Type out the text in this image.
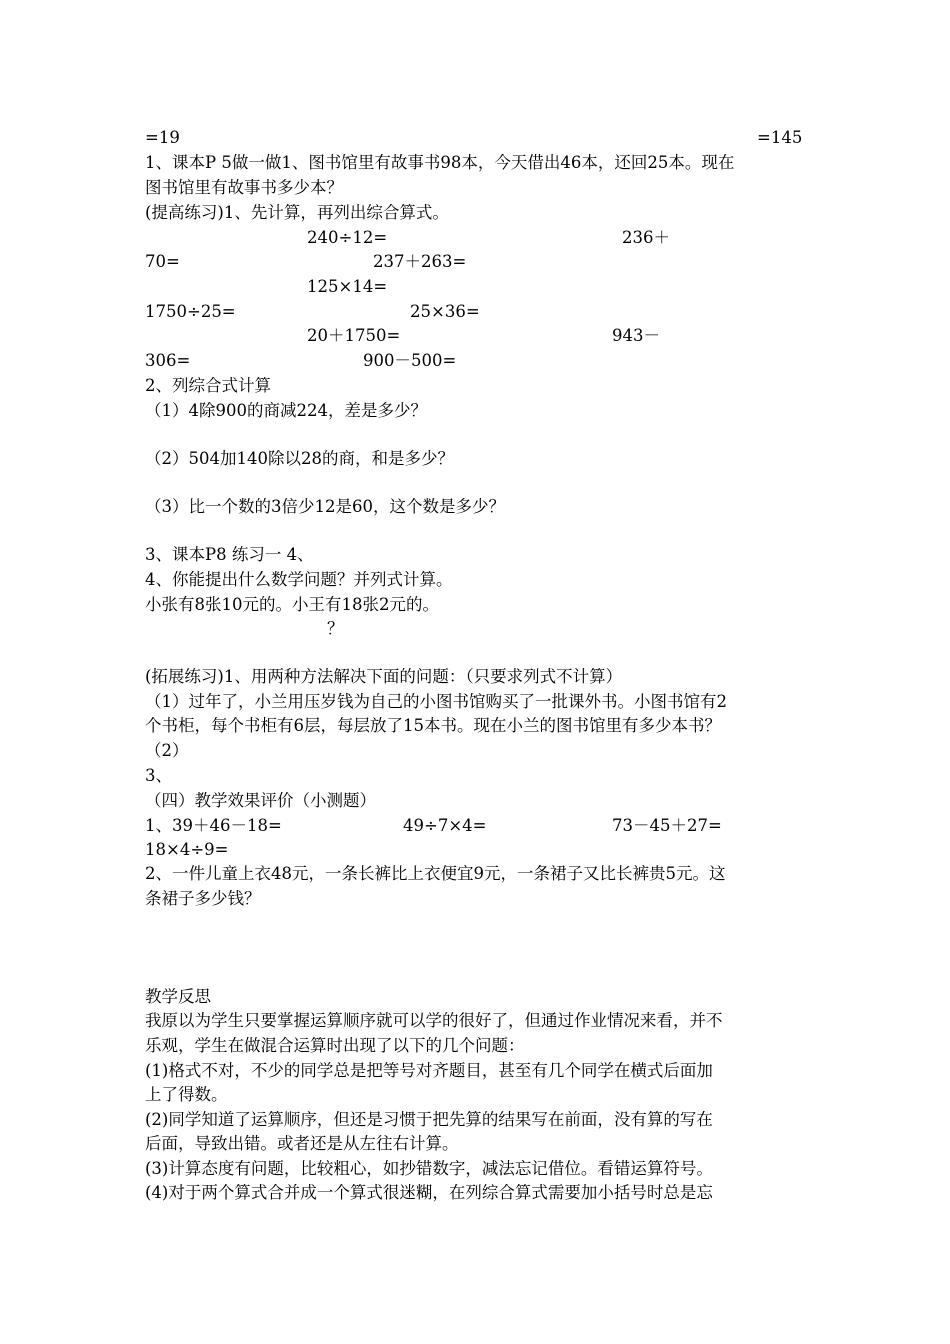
=19	=145
1、课本P 5做一做1、图书馆里有故事书98本，今天借出46本，还回25本。现在
图书馆里有故事书多少本？
(提高练习)1、先计算，再列出综合算式。
240÷12=	236＋
70=	237＋263=
125×14=
1750÷25=	25×36=
20＋1750=	943－
306=	900－500=
2、列综合式计算
（1）4除900的商减224，差是多少？
（2）504加140除以28的商，和是多少？
（3）比一个数的3倍少12是60，这个数是多少？
3、课本P8 练习一 4、
4、你能提出什么数学问题？并列式计算。
小张有8张10元的。小王有18张2元的。
？
(拓展练习)1、用两种方法解决下面的问题：（只要求列式不计算）
（1）过年了，小兰用压岁钱为自己的小图书馆购买了一批课外书。小图书馆有2
个书柜，每个书柜有6层，每层放了15本书。现在小兰的图书馆里有多少本书？
（2）
3、
（四）教学效果评价（小测题）
1、39＋46－18=	49÷7×4=	73－45＋27=
18×4÷9=
2、一件儿童上衣48元，一条长裤比上衣便宜9元，一条裙子又比长裤贵5元。这
条裙子多少钱？
教学反思
我原以为学生只要掌握运算顺序就可以学的很好了，但通过作业情况来看，并不
乐观，学生在做混合运算时出现了以下的几个问题：
(1)格式不对，不少的同学总是把等号对齐题目，甚至有几个同学在横式后面加
上了得数。
(2)同学知道了运算顺序，但还是习惯于把先算的结果写在前面，没有算的写在
后面，导致出错。或者还是从左往右计算。
(3)计算态度有问题，比较粗心，如抄错数字，减法忘记借位。看错运算符号。
(4)对于两个算式合并成一个算式很迷糊，在列综合算式需要加小括号时总是忘
